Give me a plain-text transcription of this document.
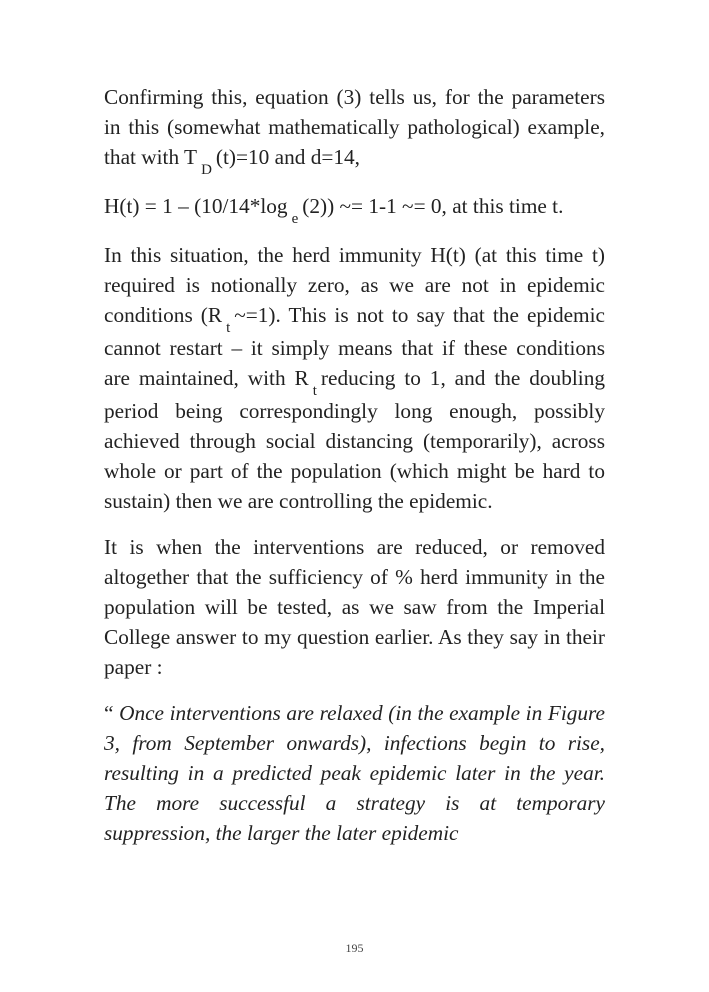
Confirming this, equation (3) tells us, for the parameters in this (somewhat mathematically pathological) example, that with $T_D(t)=10$ and d=14,

$H(t) = 1 - (10/14*\log_e(2))$ ~= 1-1 ~= 0, at this time t.

In this situation, the herd immunity H(t) (at this time t) required is notionally zero, as we are not in epidemic conditions $(R_t\sim=1)$. This is not to say that the epidemic cannot restart – it simply means that if these conditions are maintained, with $R_treducing$ to 1, and the doubling period being correspondingly long enough, possibly achieved through social distancing (temporarily), across whole or part of the population (which might be hard to sustain) then we are controlling the epidemic.

It is when the interventions are reduced, or removed altogether that the sufficiency of % herd immunity in the population will be tested, as we saw from the Imperial College answer to my question earlier. As they say in their paper :

“ Once interventions are relaxed (in the example in Figure 3, from September onwards), infections begin to rise, resulting in a predicted peak epidemic later in the year. The more successful a strategy is at temporary suppression, the larger the later epidemic

195
